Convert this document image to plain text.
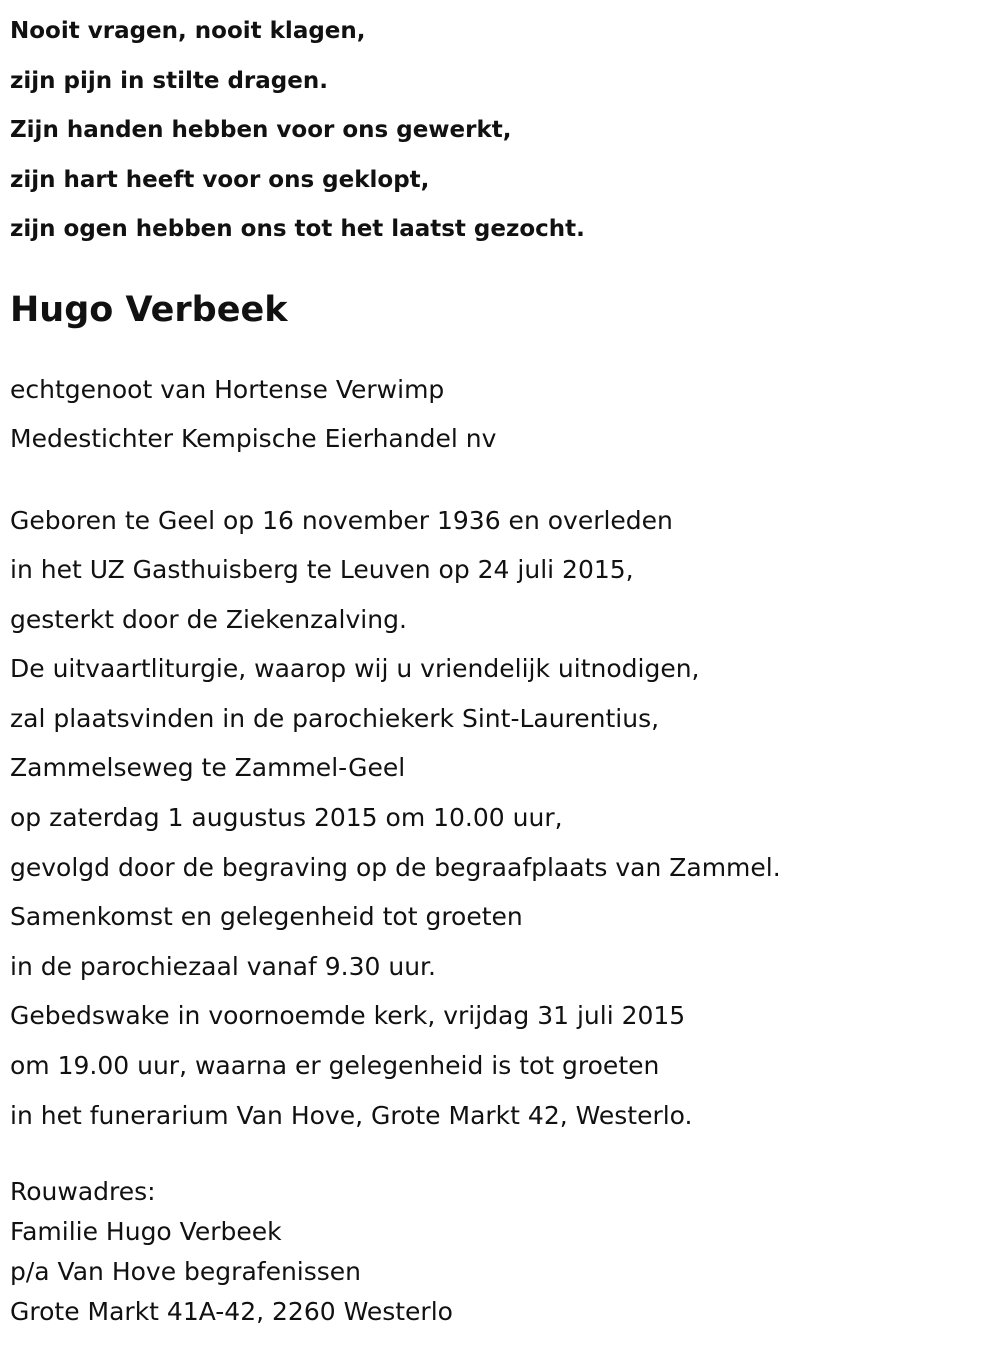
Nooit vragen, nooit klagen,
zijn pijn in stilte dragen.
Zijn handen hebben voor ons gewerkt,
zijn hart heeft voor ons geklopt,
zijn ogen hebben ons tot het laatst gezocht.
Hugo Verbeek
echtgenoot van Hortense Verwimp
Medestichter Kempische Eierhandel nv
Geboren te Geel op 16 november 1936 en overleden
in het UZ Gasthuisberg te Leuven op 24 juli 2015,
gesterkt door de Ziekenzalving.
De uitvaartliturgie, waarop wij u vriendelijk uitnodigen,
zal plaatsvinden in de parochiekerk Sint-Laurentius,
Zammelseweg te Zammel-Geel
op zaterdag 1 augustus 2015 om 10.00 uur,
gevolgd door de begraving op de begraafplaats van Zammel.
Samenkomst en gelegenheid tot groeten
in de parochiezaal vanaf 9.30 uur.
Gebedswake in voornoemde kerk, vrijdag 31 juli 2015
om 19.00 uur, waarna er gelegenheid is tot groeten
in het funerarium Van Hove, Grote Markt 42, Westerlo.
Rouwadres:
Familie Hugo Verbeek
p/a Van Hove begrafenissen
Grote Markt 41A-42, 2260 Westerlo
